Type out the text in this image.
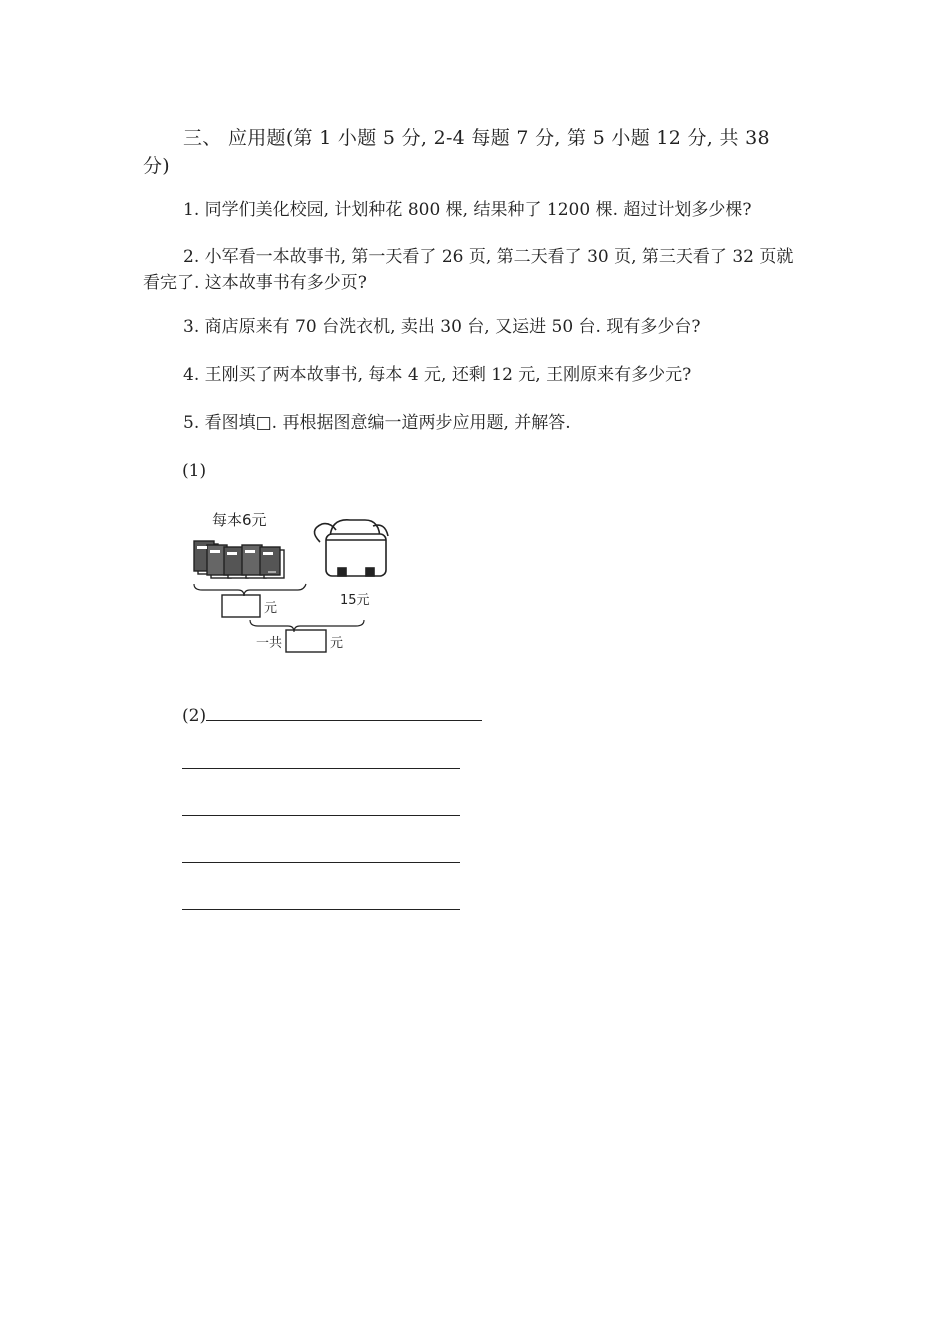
三、 应用题(第 1 小题 5 分, 2-4 每题 7 分, 第 5 小题 12 分, 共 38 分)
1. 同学们美化校园, 计划种花 800 棵, 结果种了 1200 棵. 超过计划多少棵?
2. 小军看一本故事书, 第一天看了 26 页, 第二天看了 30 页, 第三天看了 32 页就看完了. 这本故事书有多少页?
3. 商店原来有 70 台洗衣机, 卖出 30 台, 又运进 50 台. 现有多少台?
4. 王刚买了两本故事书, 每本 4 元, 还剩 12 元, 王刚原来有多少元?
5. 看图填□. 再根据图意编一道两步应用题, 并解答.
(1)
每本6元
15元
元
一共	元
(2)
